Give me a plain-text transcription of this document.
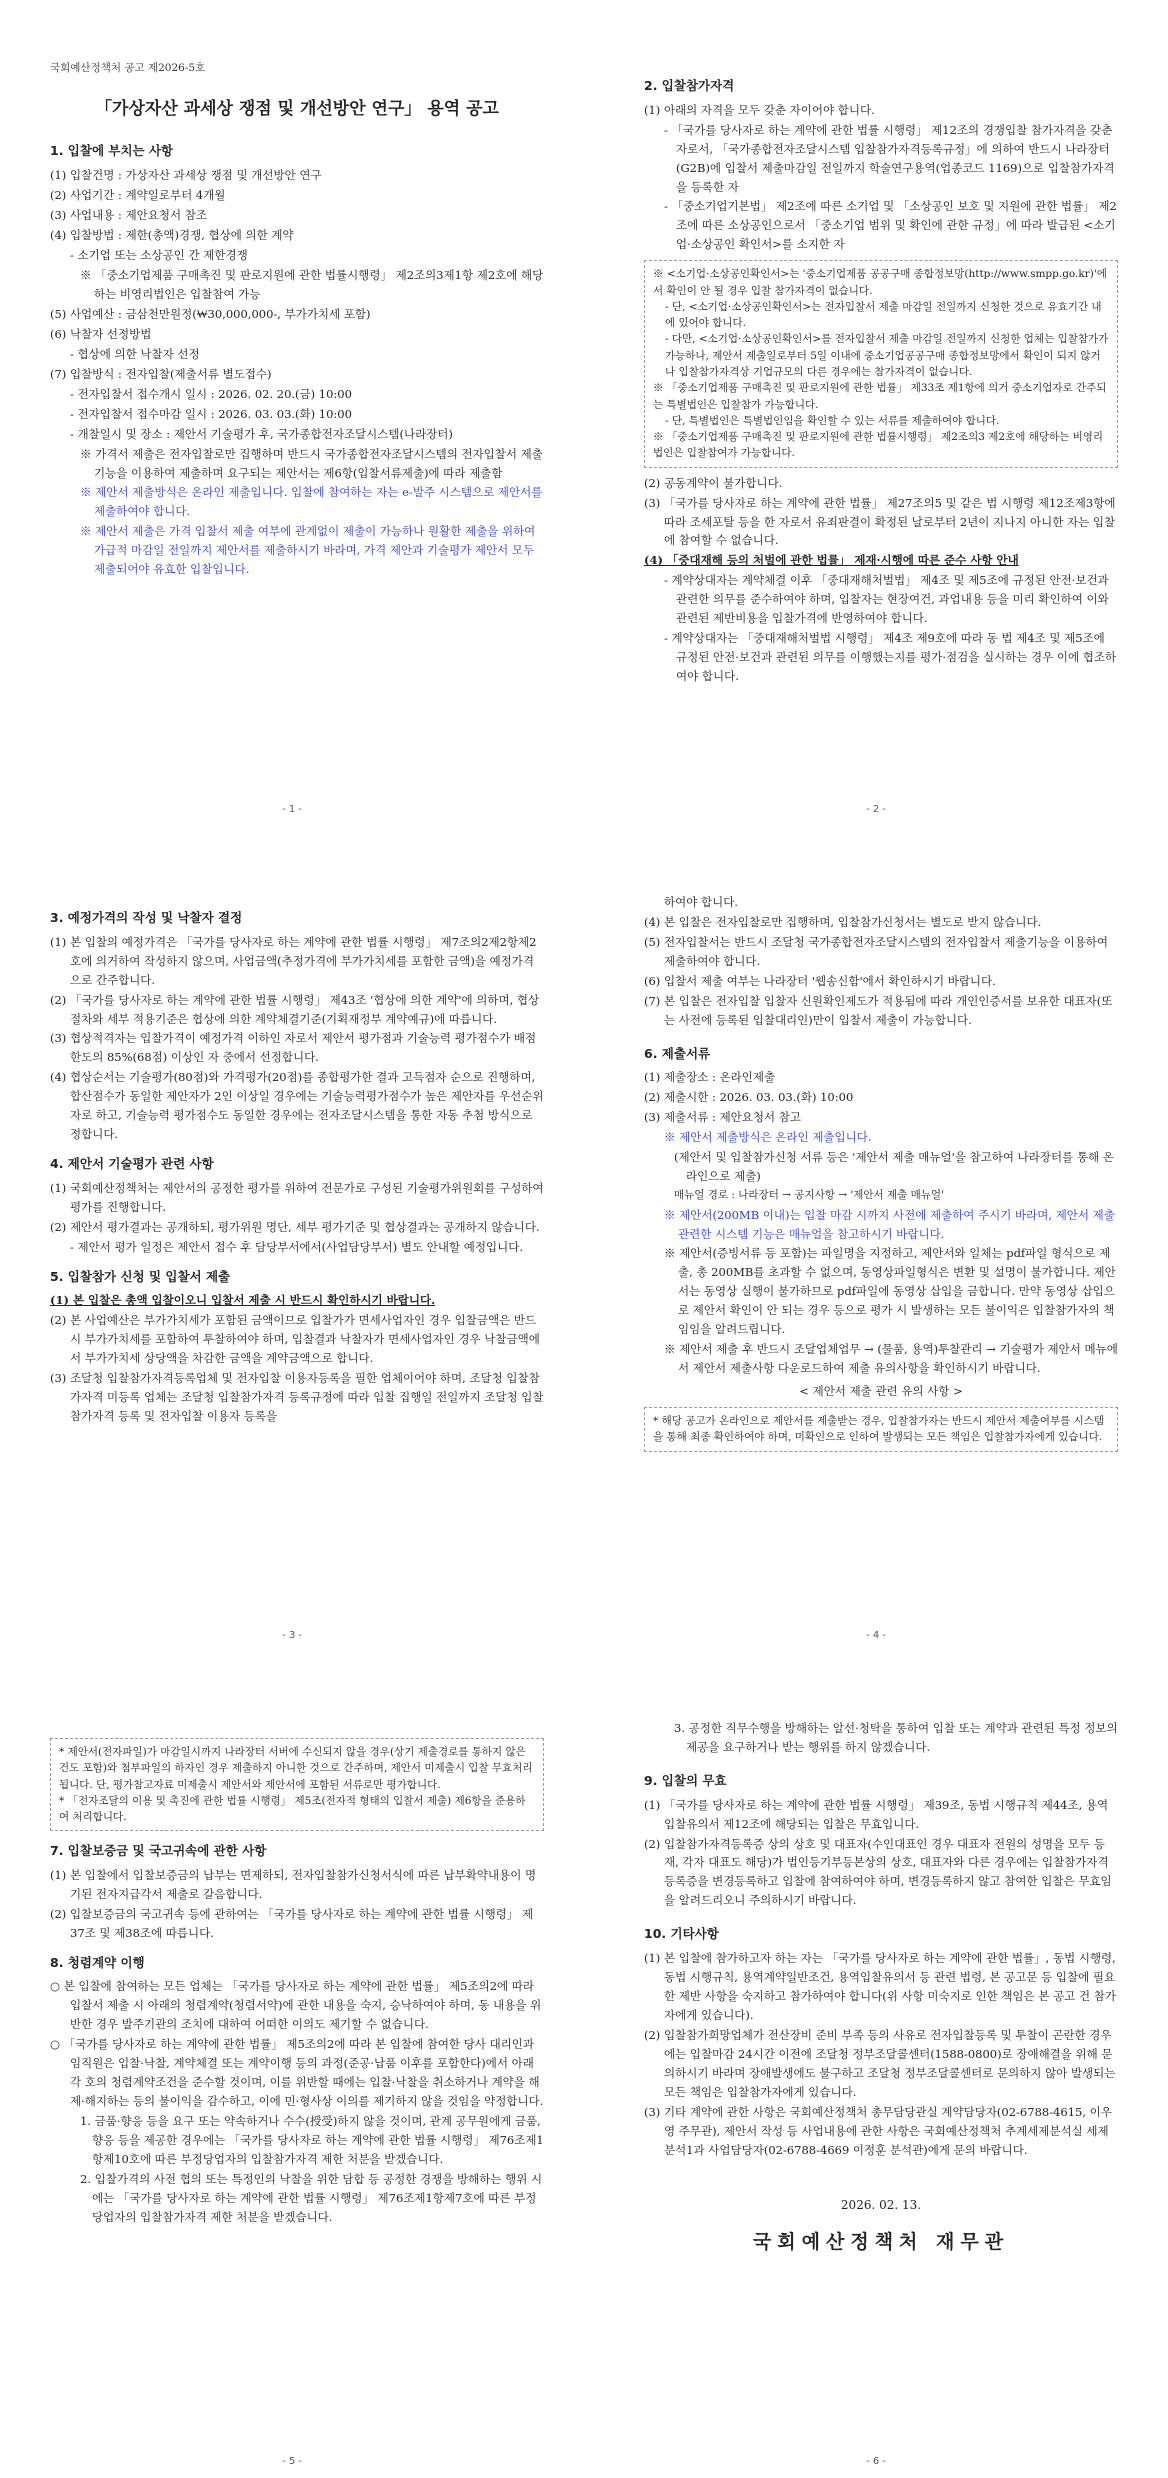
국회예산정책처 공고 제2026-5호
「가상자산 과세상 쟁점 및 개선방안 연구」 용역 공고
1. 입찰에 부치는 사항
(1) 입찰건명 : 가상자산 과세상 쟁점 및 개선방안 연구
(2) 사업기간 : 계약일로부터 4개월
(3) 사업내용 : 제안요청서 참조
(4) 입찰방법 : 제한(총액)경쟁, 협상에 의한 계약
- 소기업 또는 소상공인 간 제한경쟁
※ 「중소기업제품 구매촉진 및 판로지원에 관한 법률시행령」 제2조의3제1항 제2호에 해당하는 비영리법인은 입찰참여 가능
(5) 사업예산 : 금삼천만원정(₩30,000,000-, 부가가치세 포함)
(6) 낙찰자 선정방법
- 협상에 의한 낙찰자 선정
(7) 입찰방식 : 전자입찰(제출서류 별도접수)
- 전자입찰서 접수개시 일시 : 2026. 02. 20.(금) 10:00
- 전자입찰서 접수마감 일시 : 2026. 03. 03.(화) 10:00
- 개찰일시 및 장소 : 제안서 기술평가 후, 국가종합전자조달시스템(나라장터)
※ 가격서 제출은 전자입찰로만 집행하며 반드시 국가종합전자조달시스템의 전자입찰서 제출 기능을 이용하여 제출하며 요구되는 제안서는 제6항(입찰서류제출)에 따라 제출함
※ 제안서 제출방식은 온라인 제출입니다. 입찰에 참여하는 자는 e-발주 시스템으로 제안서를 제출하여야 합니다.
※ 제안서 제출은 가격 입찰서 제출 여부에 관계없이 제출이 가능하나 원활한 제출을 위하여 가급적 마감일 전일까지 제안서를 제출하시기 바라며, 가격 제안과 기술평가 제안서 모두 제출되어야 유효한 입찰입니다.
- 1 -
2. 입찰참가자격
(1) 아래의 자격을 모두 갖춘 자이어야 합니다.
- 「국가를 당사자로 하는 계약에 관한 법률 시행령」 제12조의 경쟁입찰 참가자격을 갖춘 자로서, 「국가종합전자조달시스템 입찰참가자격등록규정」에 의하여 반드시 나라장터(G2B)에 입찰서 제출마감일 전일까지 학술연구용역(업종코드 1169)으로 입찰참가자격을 등록한 자
- 「중소기업기본법」 제2조에 따른 소기업 및 「소상공인 보호 및 지원에 관한 법률」 제2조에 따른 소상공인으로서 「중소기업 범위 및 확인에 관한 규정」에 따라 발급된 <소기업·소상공인 확인서>를 소지한 자
※ <소기업·소상공인확인서>는 '중소기업제품 공공구매 종합정보망(http://www.smpp.go.kr)'에서 확인이 안 될 경우 입찰 참가자격이 없습니다.
- 단, <소기업·소상공인확인서>는 전자입찰서 제출 마감일 전일까지 신청한 것으로 유효기간 내에 있어야 합니다.
- 다만, <소기업·소상공인확인서>를 전자입찰서 제출 마감일 전일까지 신청한 업체는 입찰참가가 가능하나, 제안서 제출일로부터 5일 이내에 중소기업공공구매 종합정보망에서 확인이 되지 않거나 입찰참가자격상 기업규모의 다른 경우에는 참가자격이 없습니다.
※ 「중소기업제품 구매촉진 및 판로지원에 관한 법률」 제33조 제1항에 의거 중소기업자로 간주되는 특별법인은 입찰참가 가능합니다.
- 단, 특별법인은 특별법인임을 확인할 수 있는 서류를 제출하여야 합니다.
※ 「중소기업제품 구매촉진 및 판로지원에 관한 법률시행령」 제2조의3 제2호에 해당하는 비영리법인은 입찰참여가 가능합니다.
(2) 공동계약이 불가합니다.
(3) 「국가를 당사자로 하는 계약에 관한 법률」 제27조의5 및 같은 법 시행령 제12조제3항에 따라 조세포탈 등을 한 자로서 유죄판결이 확정된 날로부터 2년이 지나지 아니한 자는 입찰에 참여할 수 없습니다.
(4) 「중대재해 등의 처벌에 관한 법률」 제재·시행에 따른 준수 사항 안내
- 계약상대자는 계약체결 이후 「중대재해처벌법」 제4조 및 제5조에 규정된 안전·보건과 관련한 의무를 준수하여야 하며, 입찰자는 현장여건, 과업내용 등을 미리 확인하여 이와 관련된 제반비용을 입찰가격에 반영하여야 합니다.
- 계약상대자는 「중대재해처벌법 시행령」 제4조 제9호에 따라 동 법 제4조 및 제5조에 규정된 안전·보건과 관련된 의무를 이행했는지를 평가·점검을 실시하는 경우 이에 협조하여야 합니다.
- 2 -
3. 예정가격의 작성 및 낙찰자 결정
(1) 본 입찰의 예정가격은 「국가를 당사자로 하는 계약에 관한 법률 시행령」 제7조의2제2항제2호에 의거하여 작성하지 않으며, 사업금액(추정가격에 부가가치세를 포함한 금액)을 예정가격으로 간주합니다.
(2) 「국가를 당사자로 하는 계약에 관한 법률 시행령」 제43조 '협상에 의한 계약'에 의하며, 협상절차와 세부 적용기준은 협상에 의한 계약체결기준(기획재정부 계약예규)에 따릅니다.
(3) 협상적격자는 입찰가격이 예정가격 이하인 자로서 제안서 평가점과 기술능력 평가점수가 배점한도의 85%(68점) 이상인 자 중에서 선정합니다.
(4) 협상순서는 기술평가(80점)와 가격평가(20점)를 종합평가한 결과 고득점자 순으로 진행하며, 합산점수가 동일한 제안자가 2인 이상일 경우에는 기술능력평가점수가 높은 제안자를 우선순위자로 하고, 기술능력 평가점수도 동일한 경우에는 전자조달시스템을 통한 자동 추첨 방식으로 정합니다.
4. 제안서 기술평가 관련 사항
(1) 국회예산정책처는 제안서의 공정한 평가를 위하여 전문가로 구성된 기술평가위원회를 구성하여 평가를 진행합니다.
(2) 제안서 평가결과는 공개하되, 평가위원 명단, 세부 평가기준 및 협상결과는 공개하지 않습니다.
- 제안서 평가 일정은 제안서 접수 후 담당부서에서(사업담당부서) 별도 안내할 예정입니다.
5. 입찰참가 신청 및 입찰서 제출
(1) 본 입찰은 총액 입찰이오니 입찰서 제출 시 반드시 확인하시기 바랍니다.
(2) 본 사업예산은 부가가치세가 포함된 금액이므로 입찰가가 면세사업자인 경우 입찰금액은 반드시 부가가치세를 포함하여 투찰하여야 하며, 입찰결과 낙찰자가 면세사업자인 경우 낙찰금액에서 부가가치세 상당액을 차감한 금액을 계약금액으로 합니다.
(3) 조달청 입찰참가자격등록업체 및 전자입찰 이용자등록을 필한 업체이어야 하며, 조달청 입찰참가자격 미등록 업체는 조달청 입찰참가자격 등록규정에 따라 입찰 집행일 전일까지 조달청 입찰참가자격 등록 및 전자입찰 이용자 등록을
- 3 -
하여야 합니다.
(4) 본 입찰은 전자입찰로만 집행하며, 입찰참가신청서는 별도로 받지 않습니다.
(5) 전자입찰서는 반드시 조달청 국가종합전자조달시스템의 전자입찰서 제출기능을 이용하여 제출하여야 합니다.
(6) 입찰서 제출 여부는 나라장터 '웹송신함'에서 확인하시기 바랍니다.
(7) 본 입찰은 전자입찰 입찰자 신원확인제도가 적용됨에 따라 개인인증서를 보유한 대표자(또는 사전에 등록된 입찰대리인)만이 입찰서 제출이 가능합니다.
6. 제출서류
(1) 제출장소 : 온라인제출
(2) 제출시한 : 2026. 03. 03.(화) 10:00
(3) 제출서류 : 제안요청서 참고
※ 제안서 제출방식은 온라인 제출입니다.
(제안서 및 입찰참가신청 서류 등은 '제안서 제출 매뉴얼'을 참고하여 나라장터를 통해 온라인으로 제출)
매뉴얼 경로 : 나라장터 → 공지사항 → '제안서 제출 매뉴얼'
※ 제안서(200MB 이내)는 입찰 마감 시까지 사전에 제출하여 주시기 바라며, 제안서 제출 관련한 시스템 기능은 매뉴얼을 참고하시기 바랍니다.
※ 제안서(증빙서류 등 포함)는 파일명을 지정하고, 제안서와 일체는 pdf파일 형식으로 제출, 총 200MB를 초과할 수 없으며, 동영상파일형식은 변환 및 설명이 불가합니다. 제안서는 동영상 실행이 불가하므로 pdf파일에 동영상 삽입을 금합니다. 만약 동영상 삽입으로 제안서 확인이 안 되는 경우 등으로 평가 시 발생하는 모든 불이익은 입찰참가자의 책임임을 알려드립니다.
※ 제안서 제출 후 반드시 조달업체업무 → (물품, 용역)투찰관리 → 기술평가 제안서 메뉴에서 제안서 제출사항 다운로드하여 제출 유의사항을 확인하시기 바랍니다.
< 제안서 제출 관련 유의 사항 >
* 해당 공고가 온라인으로 제안서를 제출받는 경우, 입찰참가자는 반드시 제안서 제출여부를 시스템을 통해 최종 확인하여야 하며, 미확인으로 인하여 발생되는 모든 책임은 입찰참가자에게 있습니다.
- 4 -
* 제안서(전자파일)가 마감일시까지 나라장터 서버에 수신되지 않을 경우(상기 제출경로를 통하지 않은 건도 포함)와 첨부파일의 하자인 경우 제출하지 아니한 것으로 간주하며, 제안서 미제출시 입찰 무효처리 됩니다. 단, 평가참고자료 미제출시 제안서와 제안서에 포함된 서류로만 평가합니다.
* 「전자조달의 이용 및 촉진에 관한 법률 시행령」 제5조(전자적 형태의 입찰서 제출) 제6항을 준용하여 처리합니다.
7. 입찰보증금 및 국고귀속에 관한 사항
(1) 본 입찰에서 입찰보증금의 납부는 면제하되, 전자입찰참가신청서식에 따른 납부확약내용이 명기된 전자지급각서 제출로 갈음합니다.
(2) 입찰보증금의 국고귀속 등에 관하여는 「국가를 당사자로 하는 계약에 관한 법률 시행령」 제37조 및 제38조에 따릅니다.
8. 청렴계약 이행
○ 본 입찰에 참여하는 모든 업체는 「국가를 당사자로 하는 계약에 관한 법률」 제5조의2에 따라 입찰서 제출 시 아래의 청렴계약(청렴서약)에 관한 내용을 숙지, 승낙하여야 하며, 동 내용을 위반한 경우 발주기관의 조치에 대하여 어떠한 이의도 제기할 수 없습니다.
○ 「국가를 당사자로 하는 계약에 관한 법률」 제5조의2에 따라 본 입찰에 참여한 당사 대리인과 임직원은 입찰·낙찰, 계약체결 또는 계약이행 등의 과정(준공·납품 이후를 포함한다)에서 아래 각 호의 청렴계약조건을 준수할 것이며, 이를 위반할 때에는 입찰·낙찰을 취소하거나 계약을 해제·해지하는 등의 불이익을 감수하고, 이에 민·형사상 이의를 제기하지 않을 것임을 약정합니다.
1. 금품·향응 등을 요구 또는 약속하거나 수수(授受)하지 않을 것이며, 관계 공무원에게 금품, 향응 등을 제공한 경우에는 「국가를 당사자로 하는 계약에 관한 법률 시행령」 제76조제1항제10호에 따른 부정당업자의 입찰참가자격 제한 처분을 받겠습니다.
2. 입찰가격의 사전 협의 또는 특정인의 낙찰을 위한 담합 등 공정한 경쟁을 방해하는 행위 시에는 「국가를 당사자로 하는 계약에 관한 법률 시행령」 제76조제1항제7호에 따른 부정당업자의 입찰참가자격 제한 처분을 받겠습니다.
- 5 -
3. 공정한 직무수행을 방해하는 알선·청탁을 통하여 입찰 또는 계약과 관련된 특정 정보의 제공을 요구하거나 받는 행위를 하지 않겠습니다.
9. 입찰의 무효
(1) 「국가를 당사자로 하는 계약에 관한 법률 시행령」 제39조, 동법 시행규칙 제44조, 용역입찰유의서 제12조에 해당되는 입찰은 무효입니다.
(2) 입찰참가자격등록증 상의 상호 및 대표자(수인대표인 경우 대표자 전원의 성명을 모두 등재, 각자 대표도 해당)가 법인등기부등본상의 상호, 대표자와 다른 경우에는 입찰참가자격등록증을 변경등록하고 입찰에 참여하여야 하며, 변경등록하지 않고 참여한 입찰은 무효임을 알려드리오니 주의하시기 바랍니다.
10. 기타사항
(1) 본 입찰에 참가하고자 하는 자는 「국가를 당사자로 하는 계약에 관한 법률」, 동법 시행령, 동법 시행규칙, 용역계약일반조건, 용역입찰유의서 등 관련 법령, 본 공고문 등 입찰에 필요한 제반 사항을 숙지하고 참가하여야 합니다(위 사항 미숙지로 인한 책임은 본 공고 건 참가자에게 있습니다).
(2) 입찰참가희망업체가 전산장비 준비 부족 등의 사유로 전자입찰등록 및 투찰이 곤란한 경우에는 입찰마감 24시간 이전에 조달청 정부조달콜센터(1588-0800)로 장애해결을 위해 문의하시기 바라며 장애발생에도 불구하고 조달청 정부조달콜센터로 문의하지 않아 발생되는 모든 책임은 입찰참가자에게 있습니다.
(3) 기타 계약에 관한 사항은 국회예산정책처 총무담당관실 계약담당자(02-6788-4615, 이우영 주무관), 제안서 작성 등 사업내용에 관한 사항은 국회예산정책처 추계세제분석실 세제분석1과 사업담당자(02-6788-4669 이정훈 분석관)에게 문의 바랍니다.
2026. 02. 13.
국회예산정책처 재무관
- 6 -
